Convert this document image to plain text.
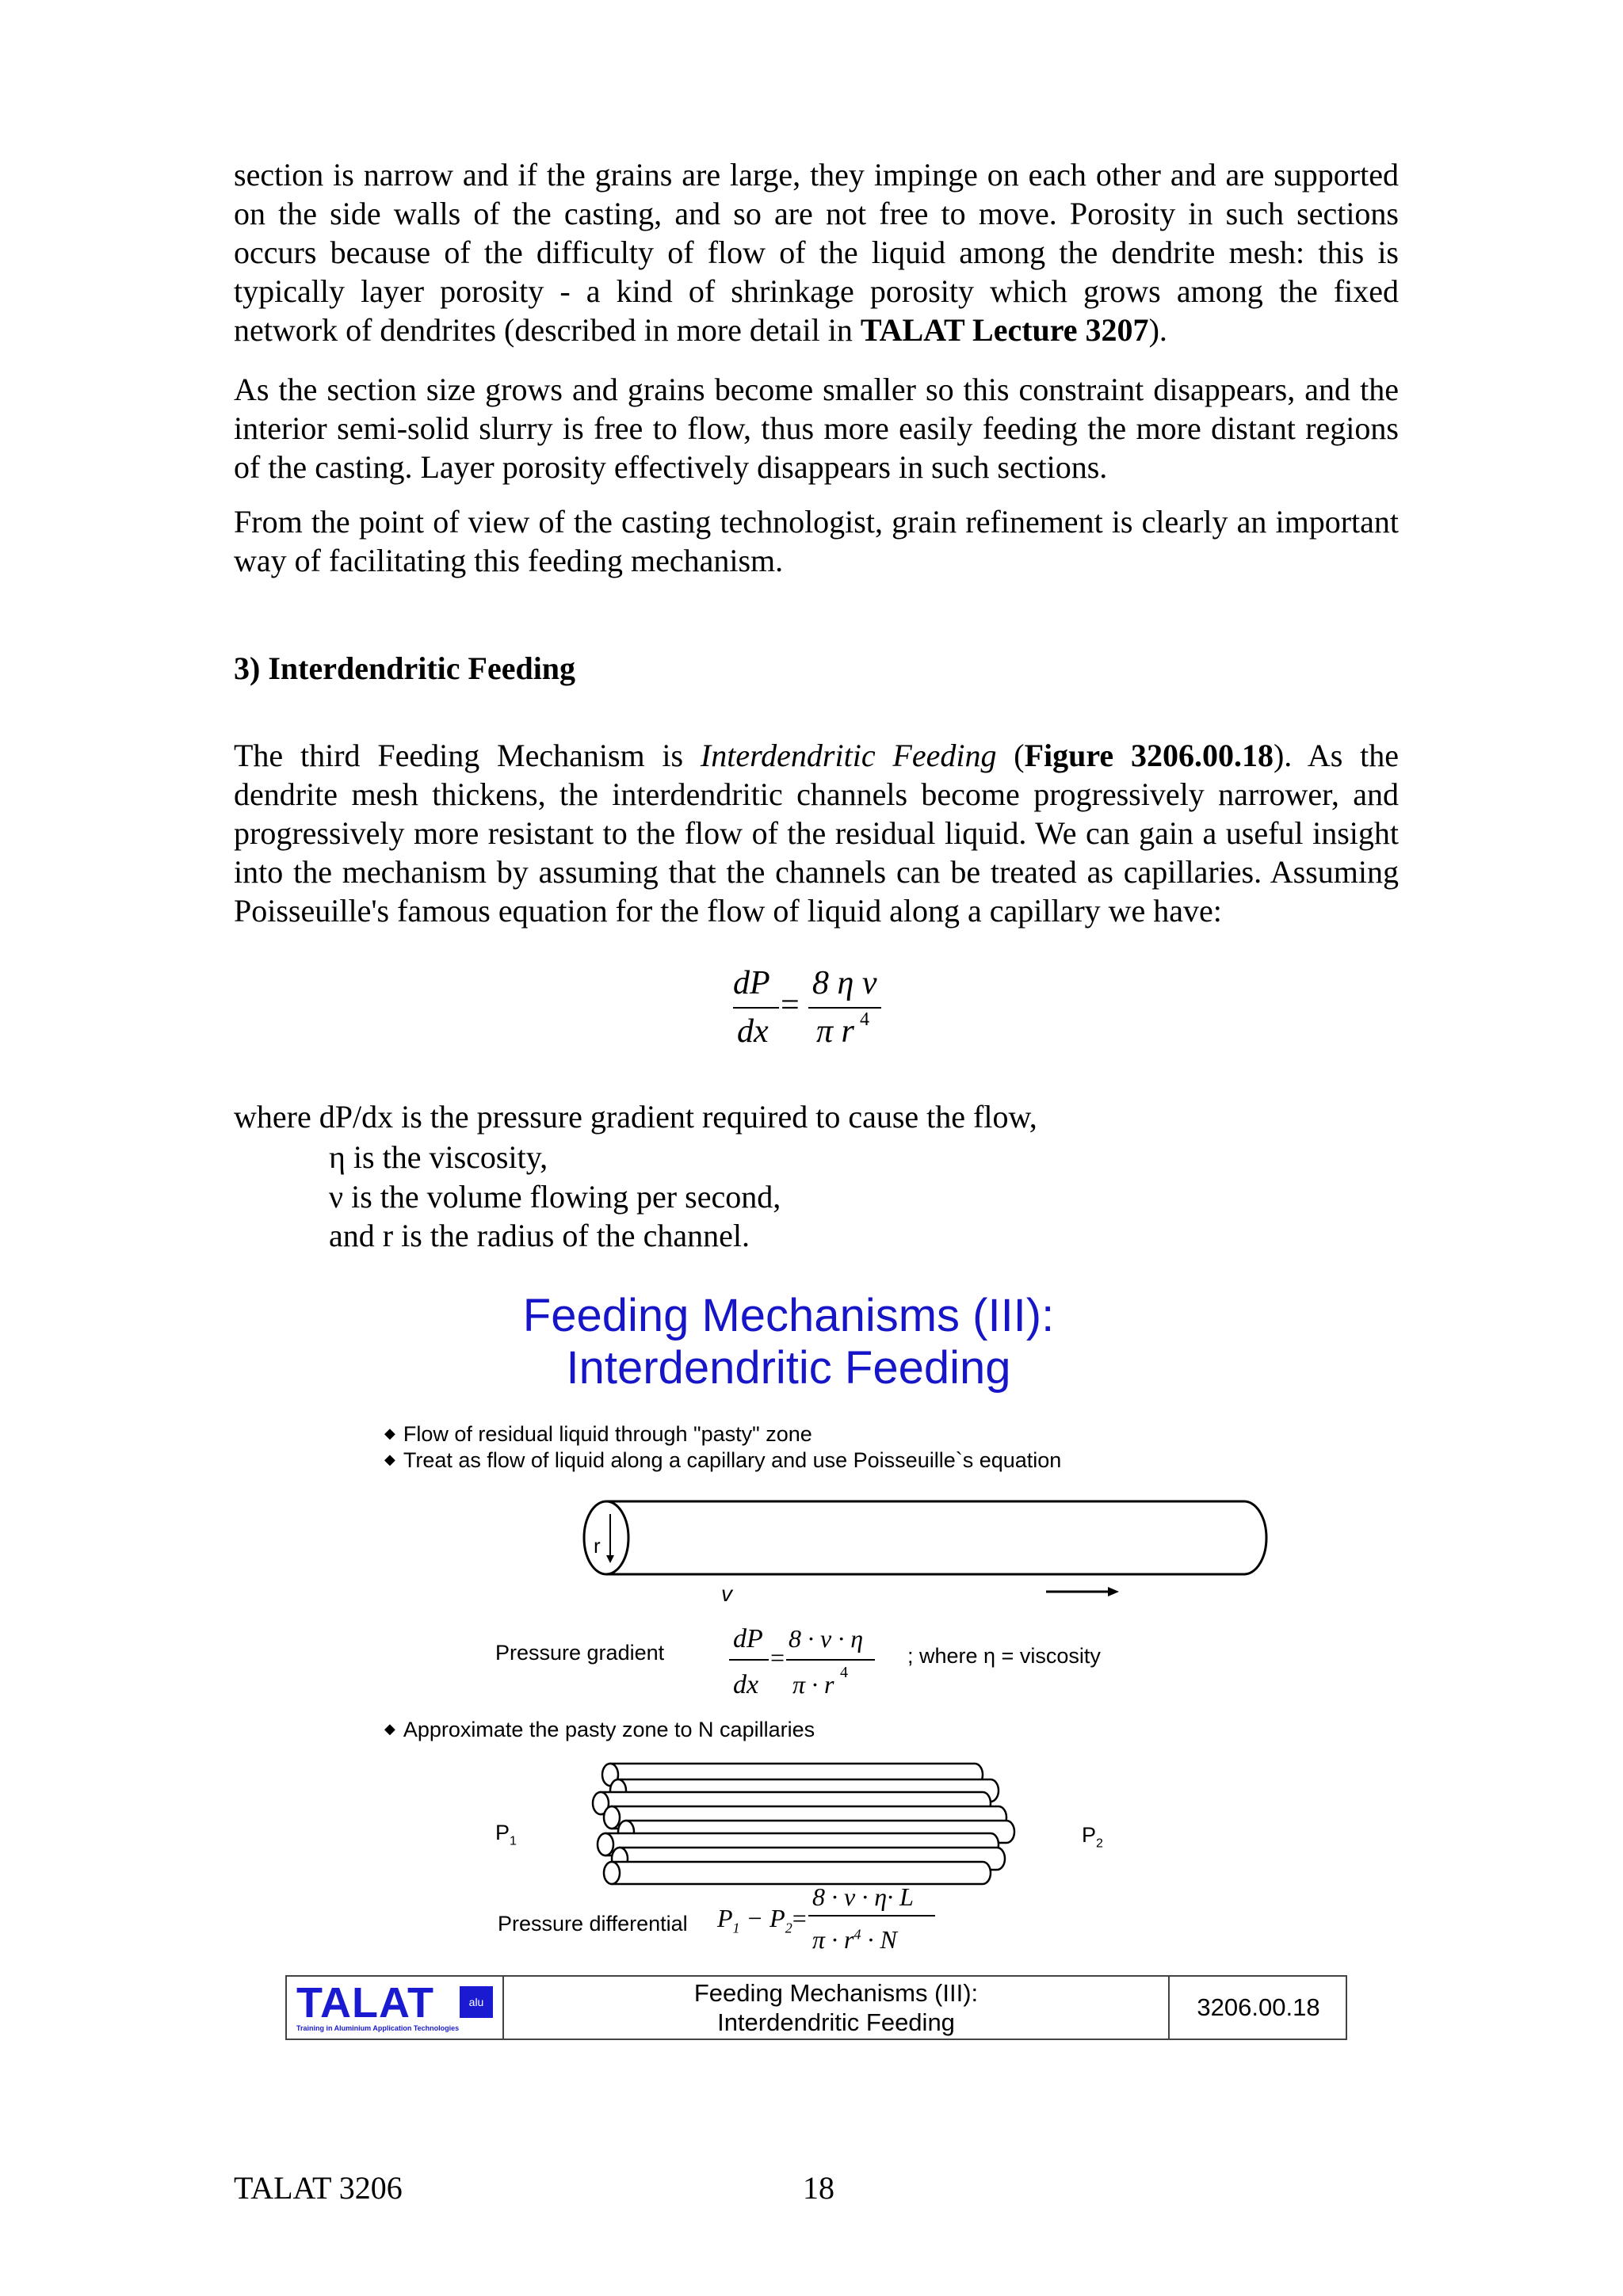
section is narrow and if the grains are large, they impinge on each other and are supported on the side walls of the casting, and so are not free to move. Porosity in such sections occurs because of the difficulty of flow of the liquid among the dendrite mesh: this is typically layer porosity - a kind of shrinkage porosity which grows among the fixed network of dendrites (described in more detail in TALAT Lecture 3207).
As the section size grows and grains become smaller so this constraint disappears, and the interior semi-solid slurry is free to flow, thus more easily feeding the more distant regions of the casting. Layer porosity effectively disappears in such sections.
From the point of view of the casting technologist, grain refinement is clearly an important way of facilitating this feeding mechanism.
3) Interdendritic Feeding
The third Feeding Mechanism is Interdendritic Feeding (Figure 3206.00.18). As the dendrite mesh thickens, the interdendritic channels become progressively narrower, and progressively more resistant to the flow of the residual liquid. We can gain a useful insight into the mechanism by assuming that the channels can be treated as capillaries. Assuming Poisseuille's famous equation for the flow of liquid along a capillary we have:
dP
dx
=
8 η ν
π r 4
where dP/dx is the pressure gradient required to cause the flow,
η is the viscosity,
ν is the volume flowing per second,
and r is the radius of the channel.
Feeding Mechanisms (III):
Interdendritic Feeding
◆ Flow of residual liquid through "pasty" zone
◆ Treat as flow of liquid along a capillary and use Poisseuille`s equation
r
v
Pressure gradient	dP
=
dx
8 · v · η
π · r 4
; where η = viscosity
◆ Approximate the pasty zone to N capillaries
$P_1$	$P_2$
Pressure differential $P_1 - P_2=$
8 · v · η· L
$\pi \cdot r^4 \cdot N$
TALAT	alu
Training in Aluminium Application Technologies
Feeding Mechanisms (III):
Interdendritic Feeding
3206.00.18
TALAT 3206	18
